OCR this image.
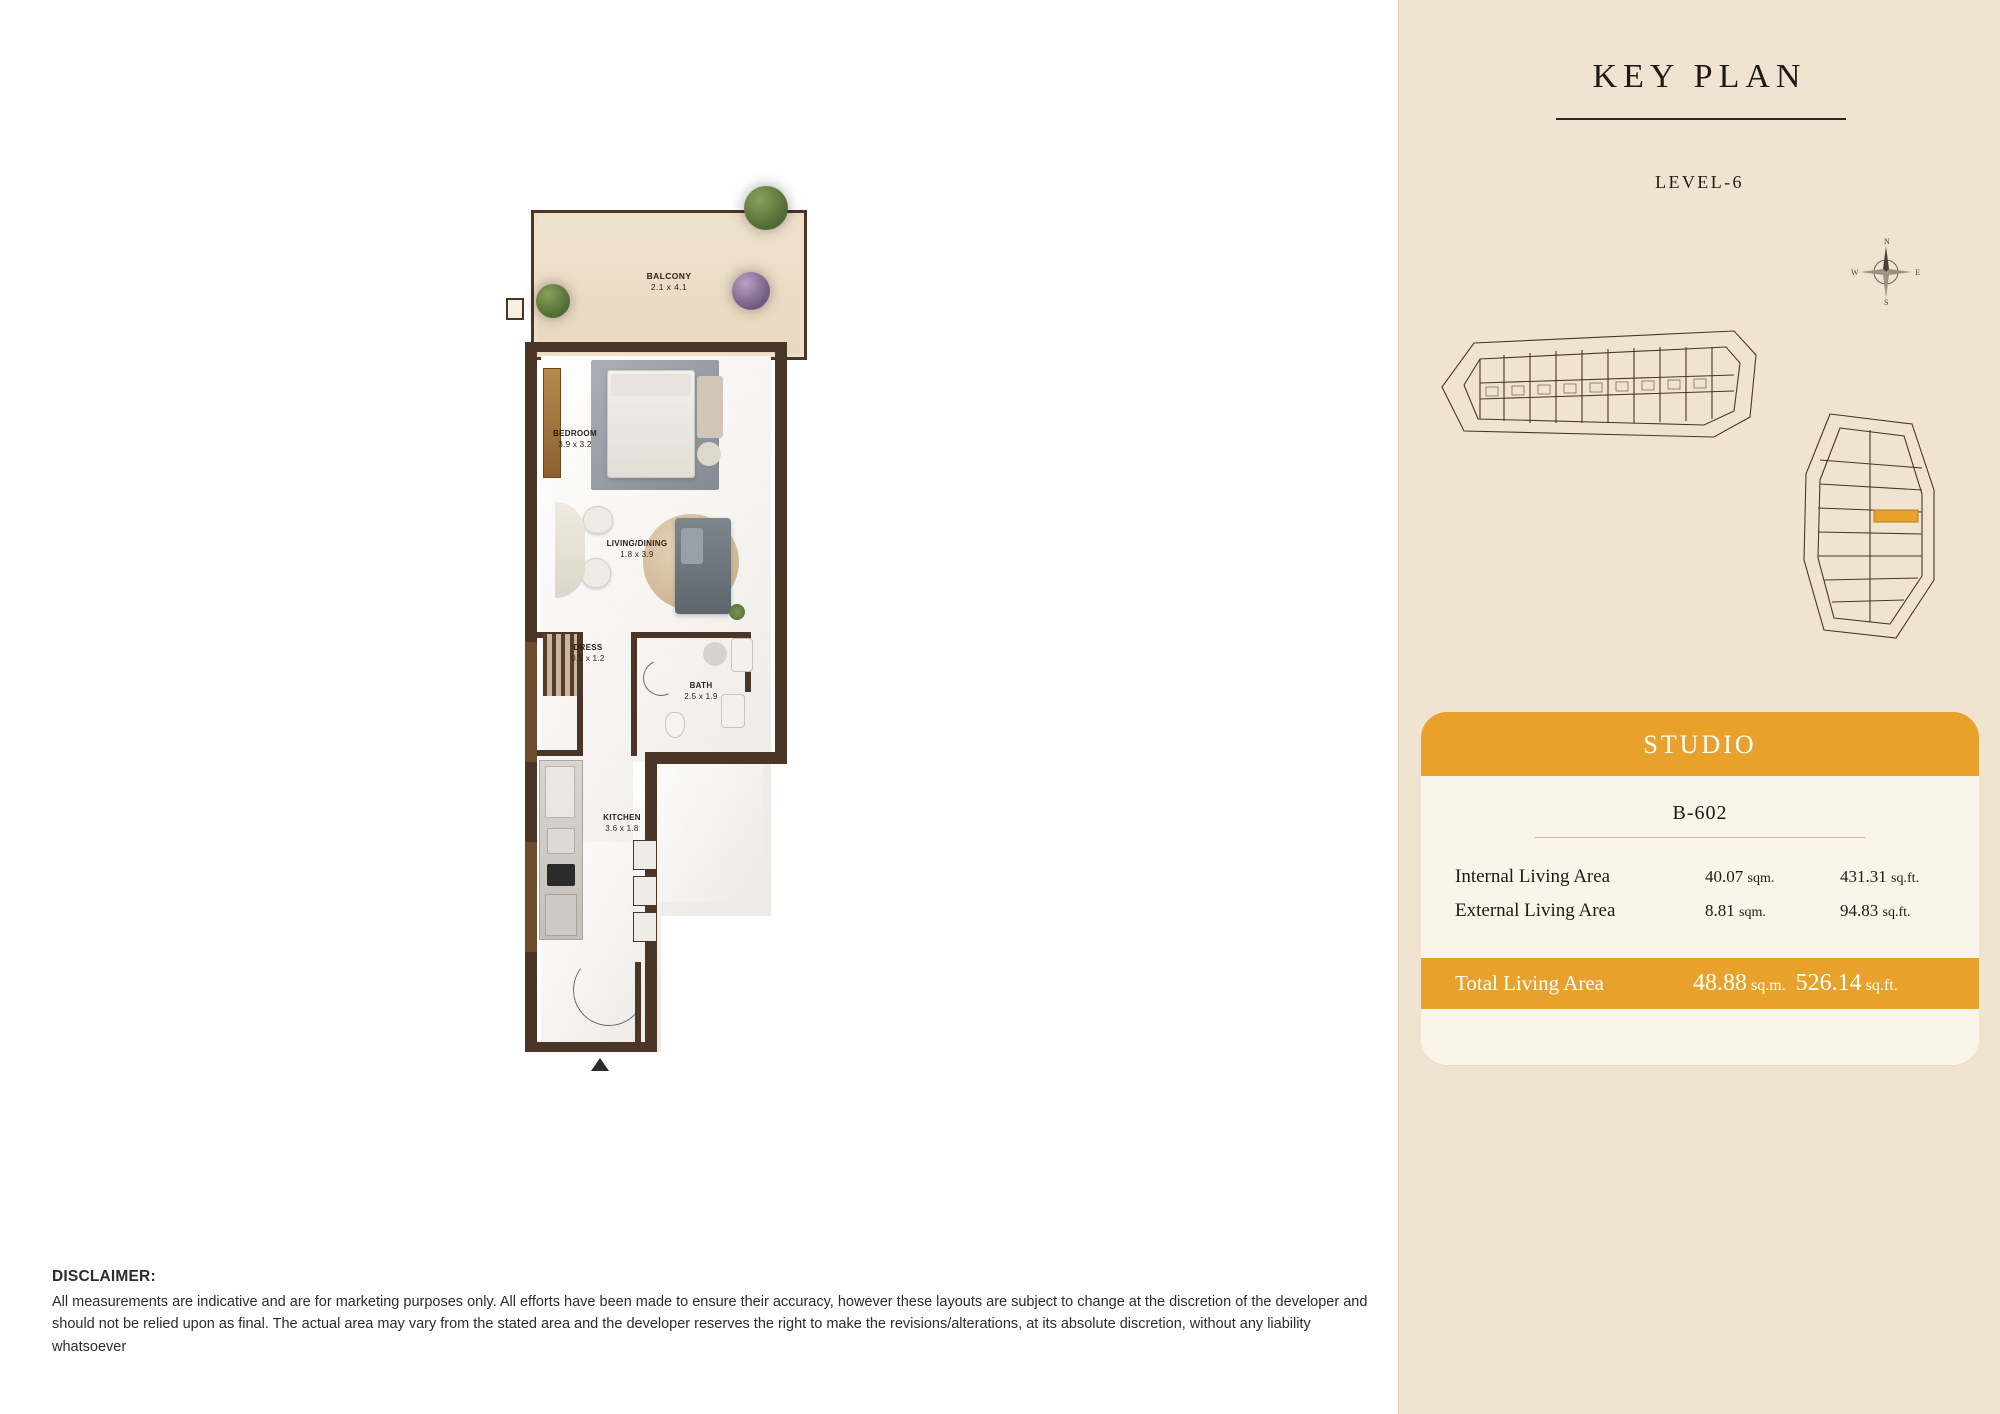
BALCONY
2.1 x 4.1
BEDROOM
3.9 x 3.2
LIVING/DINING
1.8 x 3.9
DRESS
0.6 x 1.2
BATH
2.5 x 1.9
KITCHEN
3.6 x 1.8
DISCLAIMER:

All measurements are indicative and are for marketing purposes only. All efforts have been made to ensure their accuracy, however these layouts are subject to change at the discretion of the developer and should not be relied upon as final. The actual area may vary from the stated area and the developer reserves the right to make the revisions/alterations, at its absolute discretion, without any liability whatsoever

KEY PLAN
LEVEL-6
N
S
E
W
STUDIO
B-602
Internal Living Area	40.07 sqm.	431.31 sq.ft.
External Living Area	8.81 sqm.	94.83 sq.ft.
Total Living Area	48.88 sq.m. 526.14 sq.ft.
